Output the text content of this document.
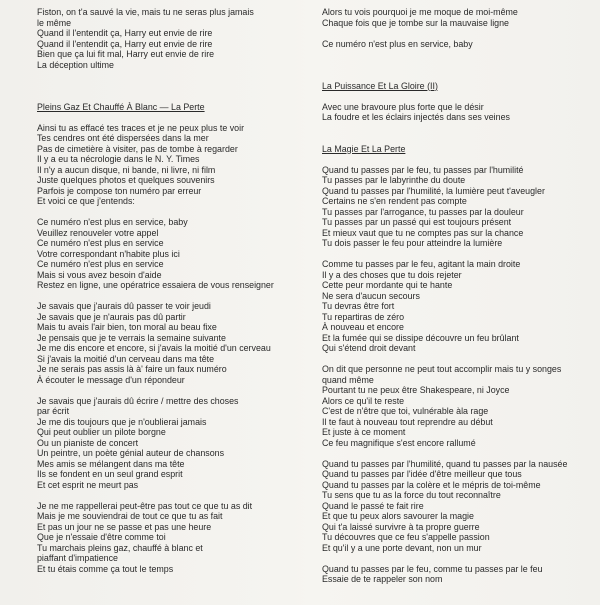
Fiston, on t'a sauvé la vie, mais tu ne seras plus jamais
le même
Quand il l'entendit ça, Harry eut envie de rire
Quand il l'entendit ça, Harry eut envie de rire
Bien que ça lui fit mal, Harry eut envie de rire
La déception ultime
Pleins Gaz Et Chauffé À Blanc — La Perte
Ainsi tu as effacé tes traces et je ne peux plus te voir
Tes cendres ont été dispersées dans la mer
Pas de cimetière à visiter, pas de tombe à regarder
Il y a eu ta nécrologie dans le N. Y. Times
Il n'y a aucun disque, ni bande, ni livre, ni film
Juste quelques photos et quelques souvenirs
Parfois je compose ton numéro par erreur
Et voici ce que j'entends:
Ce numéro n'est plus en service, baby
Veuillez renouveler votre appel
Ce numéro n'est plus en service
Votre correspondant n'habite plus ici
Ce numéro n'est plus en service
Mais si vous avez besoin d'aide
Restez en ligne, une opératrice essaiera de vous renseigner
Je savais que j'aurais dû passer te voir jeudi
Je savais que je n'aurais pas dû partir
Mais tu avais l'air bien, ton moral au beau fixe
Je pensais que je te verrais la semaine suivante
Je me dis encore et encore, si j'avais la moitié d'un cerveau
Si j'avais la moitié d'un cerveau dans ma tête
Je ne serais pas assis là à' faire un faux numéro
À écouter le message d'un répondeur
Je savais que j'aurais dû écrire / mettre des choses
par écrit
Je me dis toujours que je n'oublierai jamais
Qui peut oublier un pilote borgne
Ou un pianiste de concert
Un peintre, un poète génial auteur de chansons
Mes amis se mélangent dans ma tête
Ils se fondent en un seul grand esprit
Et cet esprit ne meurt pas
Je ne me rappellerai peut-être pas tout ce que tu as dit
Mais je me souviendrai de tout ce que tu as fait
Et pas un jour ne se passe et pas une heure
Que je n'essaie d'être comme toi
Tu marchais pleins gaz, chauffé à blanc et
piaffant d'impatience
Et tu étais comme ça tout le temps
Alors tu vois pourquoi je me moque de moi-même
Chaque fois que je tombe sur la mauvaise ligne
Ce numéro n'est plus en service, baby
La Puissance Et La Gloire (II)
Avec une bravoure plus forte que le désir
La foudre et les éclairs injectés dans ses veines
La Magie Et La Perte
Quand tu passes par le feu, tu passes par l'humilité
Tu passes par le labyrinthe du doute
Quand tu passes par l'humilité, la lumière peut t'aveugler
Certains ne s'en rendent pas compte
Tu passes par l'arrogance, tu passes par la douleur
Tu passes par un passé qui est toujours présent
Et mieux vaut que tu ne comptes pas sur la chance
Tu dois passer le feu pour atteindre la lumière
Comme tu passes par le feu, agitant la main droite
Il y a des choses que tu dois rejeter
Cette peur mordante qui te hante
Ne sera d'aucun secours
Tu devras être fort
Tu repartiras de zéro
À nouveau et encore
Et la fumée qui se dissipe découvre un feu brûlant
Qui s'étend droit devant
On dit que personne ne peut tout accomplir mais tu y songes
quand même
Pourtant tu ne peux être Shakespeare, ni Joyce
Alors ce qu'il te reste
C'est de n'être que toi, vulnérable àla rage
Il te faut à nouveau tout reprendre au début
Et juste à ce moment
Ce feu magnifique s'est encore rallumé
Quand tu passes par l'humilité, quand tu passes par la nausée
Quand tu passes par l'idée d'être meilleur que tous
Quand tu passes par la colère et le mépris de toi-même
Tu sens que tu as la force du tout reconnaître
Quand le passé te fait rire
Et que tu peux alors savourer la magie
Qui t'a laissé survivre à ta propre guerre
Tu découvres que ce feu s'appelle passion
Et qu'il y a une porte devant, non un mur
Quand tu passes par le feu, comme tu passes par le feu
Essaie de te rappeler son nom
